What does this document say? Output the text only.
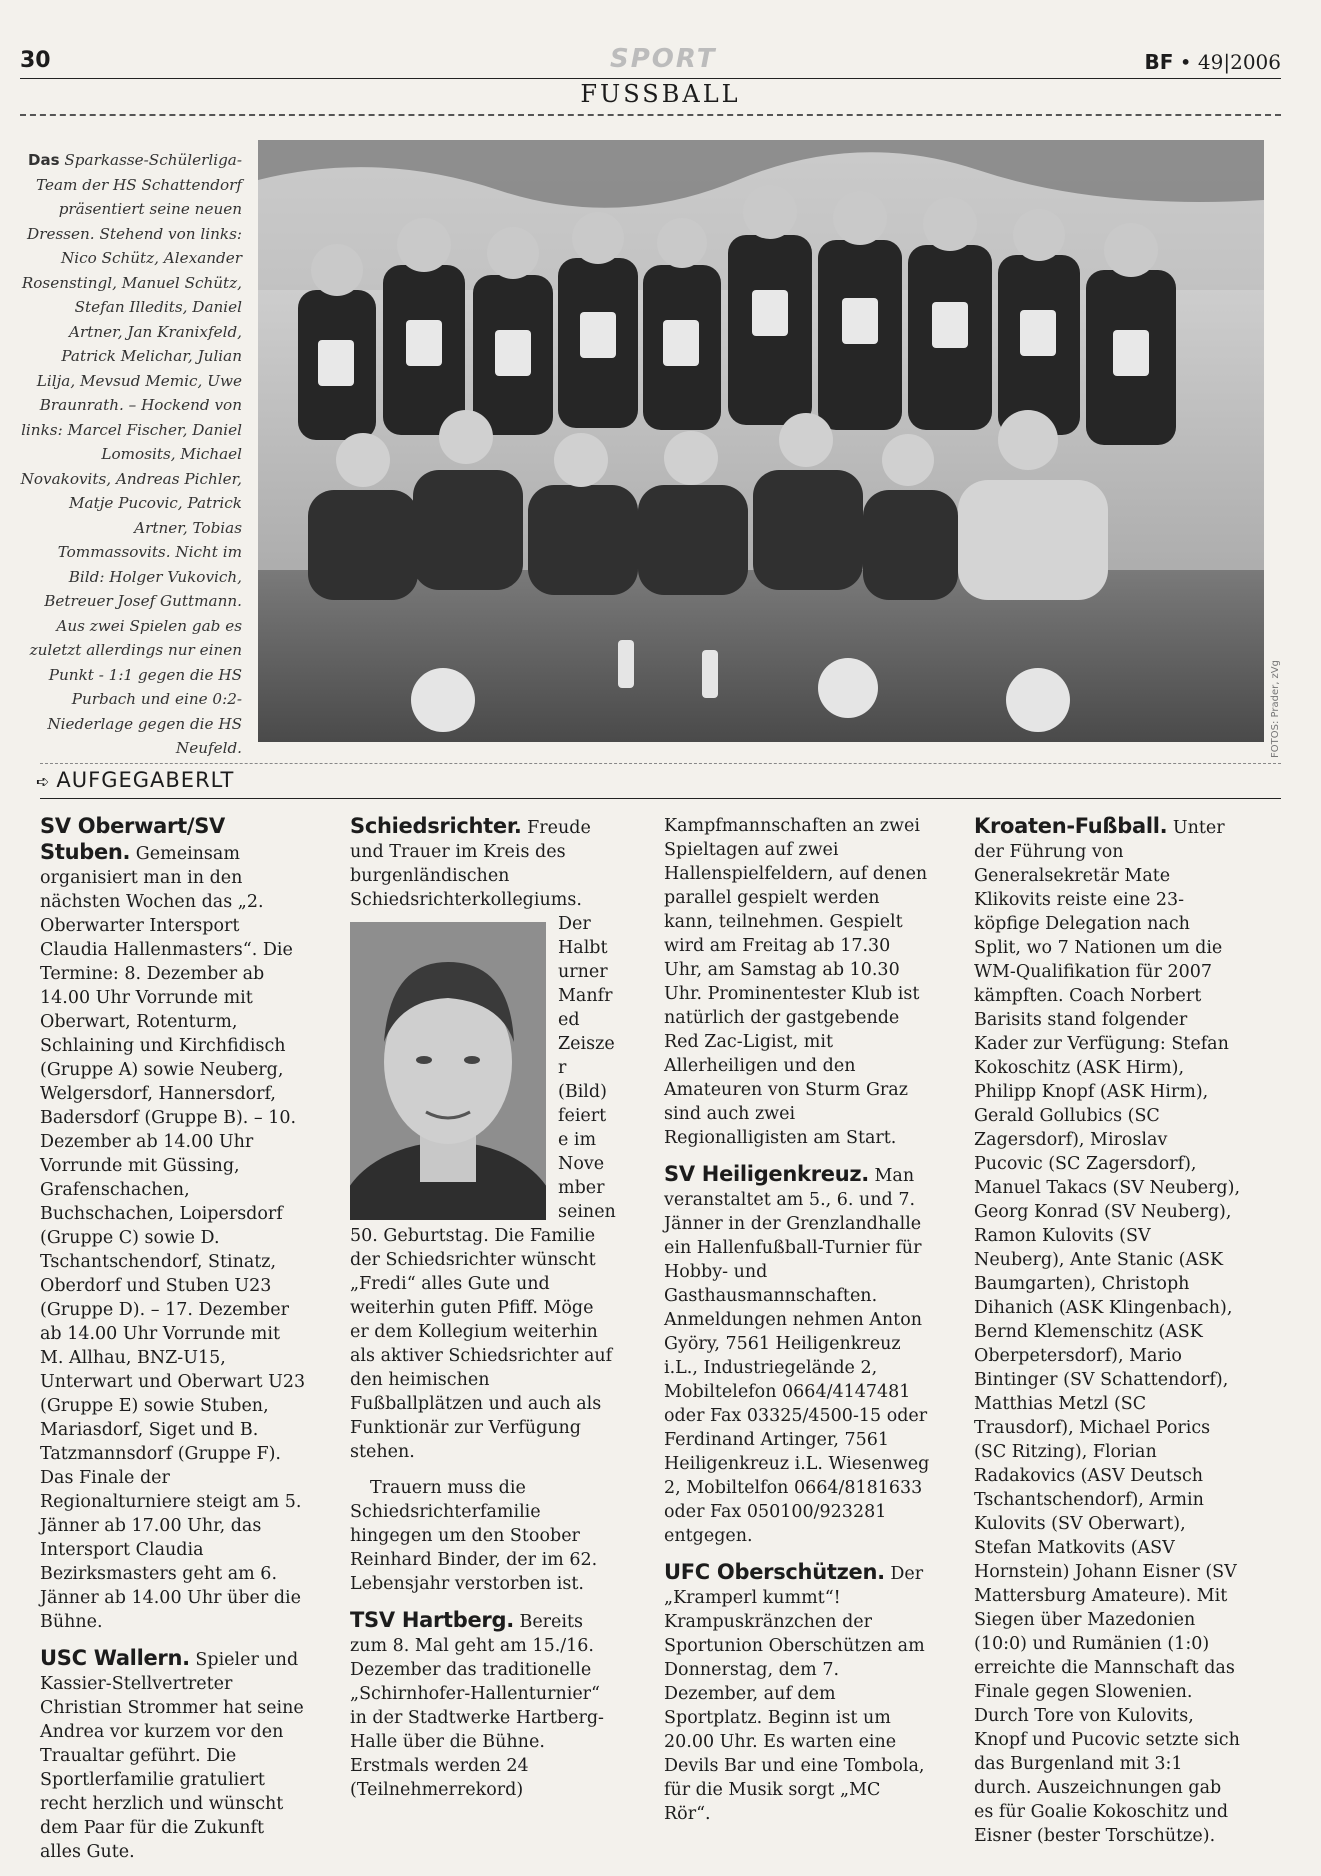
30	SPORT	BF • 49|2006
FUSSBALL
Das Sparkasse-Schülerliga-Team der HS Schattendorf präsentiert seine neuen Dressen. Stehend von links: Nico Schütz, Alexander Rosenstingl, Manuel Schütz, Stefan Illedits, Daniel Artner, Jan Kranixfeld, Patrick Melichar, Julian Lilja, Mevsud Memic, Uwe Braunrath. – Hockend von links: Marcel Fischer, Daniel Lomosits, Michael Novakovits, Andreas Pichler, Matje Pucovic, Patrick Artner, Tobias Tommassovits. Nicht im Bild: Holger Vukovich, Betreuer Josef Guttmann. Aus zwei Spielen gab es zuletzt allerdings nur einen Punkt - 1:1 gegen die HS Purbach und eine 0:2-Niederlage gegen die HS Neufeld.	FOTOS: Prader, zVg
➪ AUFGEGABERLT

SV Oberwart/SV Stuben. Gemeinsam organisiert man in den nächsten Wochen das „2. Oberwarter Intersport Claudia Hallenmasters“. Die Termine: 8. Dezember ab 14.00 Uhr Vorrunde mit Oberwart, Rotenturm, Schlaining und Kirchfidisch (Gruppe A) sowie Neuberg, Welgersdorf, Hannersdorf, Badersdorf (Gruppe B). – 10. Dezember ab 14.00 Uhr Vorrunde mit Güssing, Grafenschachen, Buchschachen, Loipersdorf (Gruppe C) sowie D. Tschantschendorf, Stinatz, Oberdorf und Stuben U23 (Gruppe D). – 17. Dezember ab 14.00 Uhr Vorrunde mit M. Allhau, BNZ-U15, Unterwart und Oberwart U23 (Gruppe E) sowie Stuben, Mariasdorf, Siget und B. Tatzmannsdorf (Gruppe F). Das Finale der Regionalturniere steigt am 5. Jänner ab 17.00 Uhr, das Intersport Claudia Bezirksmasters geht am 6. Jänner ab 14.00 Uhr über die Bühne.

USC Wallern. Spieler und Kassier-Stellvertreter Christian Strommer hat seine Andrea vor kurzem vor den Traualtar geführt. Die Sportlerfamilie gratuliert recht herzlich und wünscht dem Paar für die Zukunft alles Gute.

Schiedsrichter. Freude und Trauer im Kreis des burgenländischen Schiedsrichterkollegiums.
Der Halbturner Manfred Zeiszer (Bild) feierte im November seinen 50. Geburtstag. Die Familie der Schiedsrichter wünscht „Fredi“ alles Gute und weiterhin guten Pfiff. Möge er dem Kollegium weiterhin als aktiver Schiedsrichter auf den heimischen Fußballplätzen und auch als Funktionär zur Verfügung stehen.

Trauern muss die Schiedsrichterfamilie hingegen um den Stoober Reinhard Binder, der im 62. Lebensjahr verstorben ist.

TSV Hartberg. Bereits zum 8. Mal geht am 15./16. Dezember das traditionelle „Schirnhofer-Hallenturnier“ in der Stadtwerke Hartberg-Halle über die Bühne. Erstmals werden 24 (Teilnehmerrekord)

Kampfmannschaften an zwei Spieltagen auf zwei Hallenspielfeldern, auf denen parallel gespielt werden kann, teilnehmen. Gespielt wird am Freitag ab 17.30 Uhr, am Samstag ab 10.30 Uhr. Prominentester Klub ist natürlich der gastgebende Red Zac-Ligist, mit Allerheiligen und den Amateuren von Sturm Graz sind auch zwei Regionalligisten am Start.

SV Heiligenkreuz. Man veranstaltet am 5., 6. und 7. Jänner in der Grenzlandhalle ein Hallenfußball-Turnier für Hobby- und Gasthausmannschaften. Anmeldungen nehmen Anton Györy, 7561 Heiligenkreuz i.L., Industriegelände 2, Mobiltelefon 0664/4147481 oder Fax 03325/4500-15 oder Ferdinand Artinger, 7561 Heiligenkreuz i.L. Wiesenweg 2, Mobiltelfon 0664/8181633 oder Fax 050100/923281 entgegen.

UFC Oberschützen. Der „Kramperl kummt“! Krampuskränzchen der Sportunion Oberschützen am Donnerstag, dem 7. Dezember, auf dem Sportplatz. Beginn ist um 20.00 Uhr. Es warten eine Devils Bar und eine Tombola, für die Musik sorgt „MC Rör“.

Kroaten-Fußball. Unter der Führung von Generalsekretär Mate Klikovits reiste eine 23-köpfige Delegation nach Split, wo 7 Nationen um die WM-Qualifikation für 2007 kämpften. Coach Norbert Barisits stand folgender Kader zur Verfügung: Stefan Kokoschitz (ASK Hirm), Philipp Knopf (ASK Hirm), Gerald Gollubics (SC Zagersdorf), Miroslav Pucovic (SC Zagersdorf), Manuel Takacs (SV Neuberg), Georg Konrad (SV Neuberg), Ramon Kulovits (SV Neuberg), Ante Stanic (ASK Baumgarten), Christoph Dihanich (ASK Klingenbach), Bernd Klemenschitz (ASK Oberpetersdorf), Mario Bintinger (SV Schattendorf), Matthias Metzl (SC Trausdorf), Michael Porics (SC Ritzing), Florian Radakovics (ASV Deutsch Tschantschendorf), Armin Kulovits (SV Oberwart), Stefan Matkovits (ASV Hornstein) Johann Eisner (SV Mattersburg Amateure). Mit Siegen über Mazedonien (10:0) und Rumänien (1:0) erreichte die Mannschaft das Finale gegen Slowenien. Durch Tore von Kulovits, Knopf und Pucovic setzte sich das Burgenland mit 3:1 durch. Auszeichnungen gab es für Goalie Kokoschitz und Eisner (bester Torschütze).
